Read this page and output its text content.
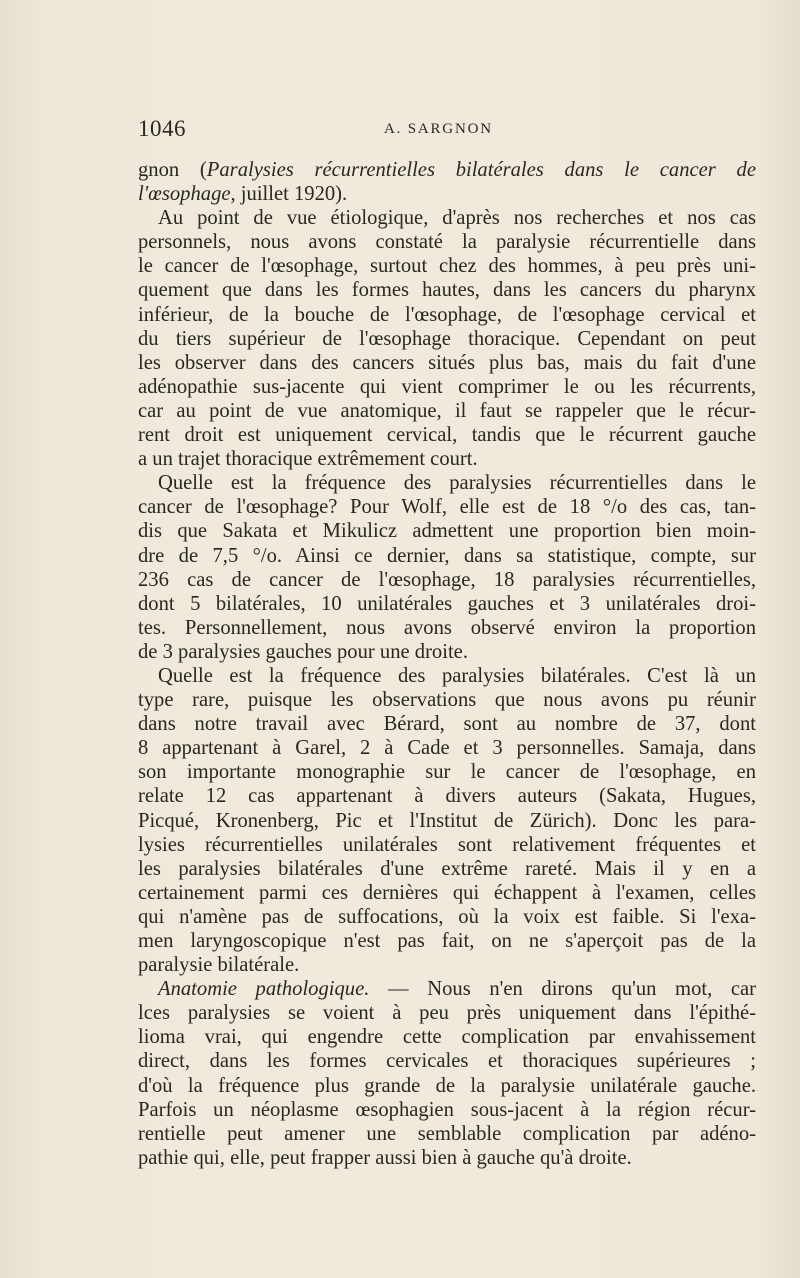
1046	A. SARGNON
gnon (Paralysies récurrentielles bilatérales dans le cancer de
l'œsophage, juillet 1920).
Au point de vue étiologique, d'après nos recherches et nos cas
personnels, nous avons constaté la paralysie récurrentielle dans
le cancer de l'œsophage, surtout chez des hommes, à peu près uni-
quement que dans les formes hautes, dans les cancers du pharynx
inférieur, de la bouche de l'œsophage, de l'œsophage cervical et
du tiers supérieur de l'œsophage thoracique. Cependant on peut
les observer dans des cancers situés plus bas, mais du fait d'une
adénopathie sus-jacente qui vient comprimer le ou les récurrents,
car au point de vue anatomique, il faut se rappeler que le récur-
rent droit est uniquement cervical, tandis que le récurrent gauche
a un trajet thoracique extrêmement court.
Quelle est la fréquence des paralysies récurrentielles dans le
cancer de l'œsophage? Pour Wolf, elle est de 18 °/o des cas, tan-
dis que Sakata et Mikulicz admettent une proportion bien moin-
dre de 7,5 °/o. Ainsi ce dernier, dans sa statistique, compte, sur
236 cas de cancer de l'œsophage, 18 paralysies récurrentielles,
dont 5 bilatérales, 10 unilatérales gauches et 3 unilatérales droi-
tes. Personnellement, nous avons observé environ la proportion
de 3 paralysies gauches pour une droite.
Quelle est la fréquence des paralysies bilatérales. C'est là un
type rare, puisque les observations que nous avons pu réunir
dans notre travail avec Bérard, sont au nombre de 37, dont
8 appartenant à Garel, 2 à Cade et 3 personnelles. Samaja, dans
son importante monographie sur le cancer de l'œsophage, en
relate 12 cas appartenant à divers auteurs (Sakata, Hugues,
Picqué, Kronenberg, Pic et l'Institut de Zürich). Donc les para-
lysies récurrentielles unilatérales sont relativement fréquentes et
les paralysies bilatérales d'une extrême rareté. Mais il y en a
certainement parmi ces dernières qui échappent à l'examen, celles
qui n'amène pas de suffocations, où la voix est faible. Si l'exa-
men laryngoscopique n'est pas fait, on ne s'aperçoit pas de la
paralysie bilatérale.
Anatomie pathologique. — Nous n'en dirons qu'un mot, car
lces paralysies se voient à peu près uniquement dans l'épithé-
lioma vrai, qui engendre cette complication par envahissement
direct, dans les formes cervicales et thoraciques supérieures ;
d'où la fréquence plus grande de la paralysie unilatérale gauche.
Parfois un néoplasme œsophagien sous-jacent à la région récur-
rentielle peut amener une semblable complication par adéno-
pathie qui, elle, peut frapper aussi bien à gauche qu'à droite.
